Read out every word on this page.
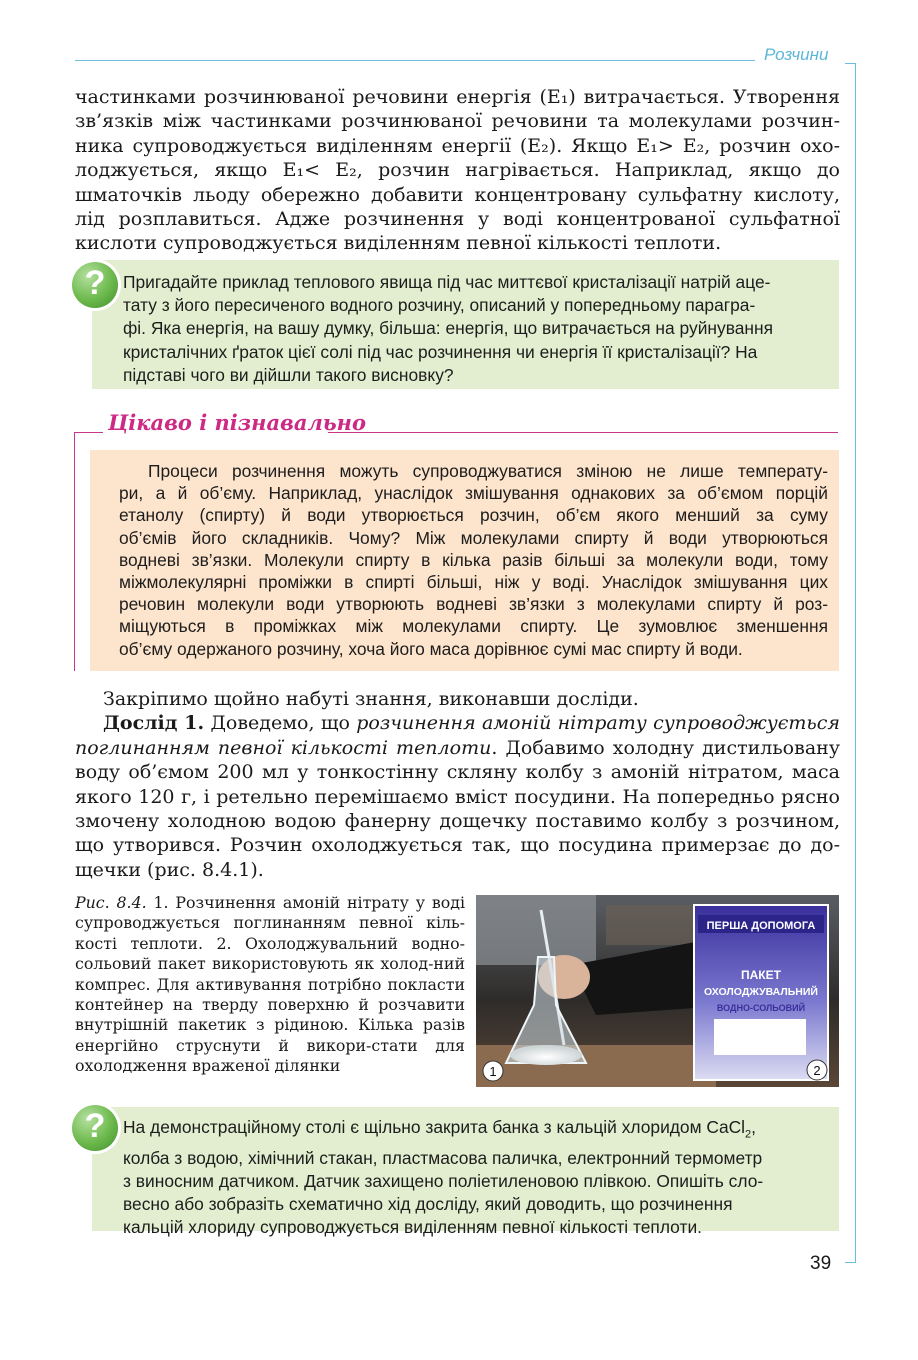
Розчини

частинками розчинюваної речовини енергія (E₁) витрачається. Утворення

зв’язків між частинками розчинюваної речовини та молекулами розчин-

ника супроводжується виділенням енергії (E₂). Якщо E₁> E₂, розчин охо-

лоджується, якщо E₁< E₂, розчин нагрівається. Наприклад, якщо до

шматочків льоду обережно добавити концентровану сульфатну кислоту,

лід розплавиться. Адже розчинення у воді концентрованої сульфатної

кислоти супроводжується виділенням певної кількості теплоти.

Пригадайте приклад теплового явища під час миттєвої кристалізації натрій аце-

тату з його пересиченого водного розчину, описаний у попередньому парагра-

фі. Яка енергія, на вашу думку, більша: енергія, що витрачається на руйнування

кристалічних ґраток цієї солі під час розчинення чи енергія її кристалізації? На

підставі чого ви дійшли такого висновку?

?
Цікаво і пізнавально

Процеси розчинення можуть супроводжуватися зміною не лише температу-

ри, а й об’єму. Наприклад, унаслідок змішування однакових за об’ємом порцій

етанолу (спирту) й води утворюється розчин, об’єм якого менший за суму

об’ємів його складників. Чому? Між молекулами спирту й води утворюються

водневі зв’язки. Молекули спирту в кілька разів більші за молекули води, тому

міжмолекулярні проміжки в спирті більші, ніж у воді. Унаслідок змішування цих

речовин молекули води утворюють водневі зв’язки з молекулами спирту й роз-

міщуються в проміжках між молекулами спирту. Це зумовлює зменшення

об’єму одержаного розчину, хоча його маса дорівнює сумі мас спирту й води.

Закріпимо щойно набуті знання, виконавши досліди.

Дослід 1. Доведемо, що розчинення амоній нітрату супроводжується поглинанням певної кількості теплоти. Добавимо холодну дистильовану воду об’ємом 200 мл у тонкостінну скляну колбу з амоній нітратом, маса якого 120 г, і ретельно перемішаємо вміст посудини. На попередньо рясно змочену холодною водою фанерну дощечку поставимо колбу з розчином, що утворився. Розчин охолоджується так, що посудина примерзає до до-щечки (рис. 8.4.1).

Рис. 8.4. 1. Розчинення амоній нітрату у воді супроводжується поглинанням певної кіль-кості теплоти. 2. Охолоджувальний водно-сольовий пакет використовують як холод-ний компрес. Для активування потрібно покласти контейнер на тверду поверхню й розчавити внутрішній пакетик з рідиною. Кілька разів енергійно струснути й викори-стати для охолодження враженої ділянки
ПЕРША ДОПОМОГА
ПАКЕТ
ОХОЛОДЖУВАЛЬНИЙ
ВОДНО-СОЛЬОВИЙ
1	2

На демонстраційному столі є щільно закрита банка з кальцій хлоридом CaCl$_2$,

колба з водою, хімічний стакан, пластмасова паличка, електронний термометр

з виносним датчиком. Датчик захищено поліетиленовою плівкою. Опишіть сло-

весно або зобразіть схематично хід досліду, який доводить, що розчинення

кальцій хлориду супроводжується виділенням певної кількості теплоти.

?
39
